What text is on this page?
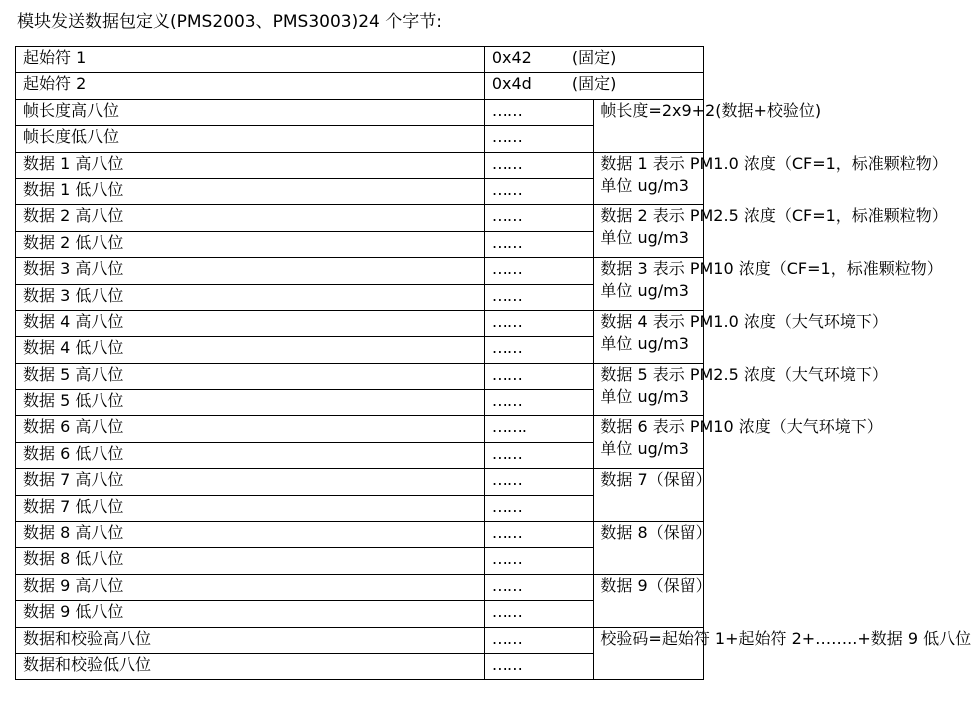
模块发送数据包定义(PMS2003、PMS3003)24 个字节:
起始符 1	0x42 (固定)	
起始符 2	0x4d (固定)	
帧长度高八位	……	帧长度=2x9+2(数据+校验位)

帧长度低八位	……	
数据 1 高八位	……	数据 1 表示 PM1.0 浓度（CF=1，标准颗粒物）
单位 ug/m3

数据 1 低八位	……	
数据 2 高八位	……	数据 2 表示 PM2.5 浓度（CF=1，标准颗粒物）
单位 ug/m3

数据 2 低八位	……	
数据 3 高八位	……	数据 3 表示 PM10 浓度（CF=1，标准颗粒物）
单位 ug/m3

数据 3 低八位	……	
数据 4 高八位	……	数据 4 表示 PM1.0 浓度（大气环境下）
单位 ug/m3

数据 4 低八位	……	
数据 5 高八位	……	数据 5 表示 PM2.5 浓度（大气环境下）
单位 ug/m3

数据 5 低八位	……	
数据 6 高八位	…….	数据 6 表示 PM10 浓度（大气环境下）
单位 ug/m3

数据 6 低八位	……	
数据 7 高八位	……	数据 7（保留）

数据 7 低八位	……	
数据 8 高八位	……	数据 8（保留）

数据 8 低八位	……	
数据 9 高八位	……	数据 9（保留）

数据 9 低八位	……	
数据和校验高八位	……	校验码=起始符 1+起始符 2+……..+数据 9 低八位

数据和校验低八位	……	
